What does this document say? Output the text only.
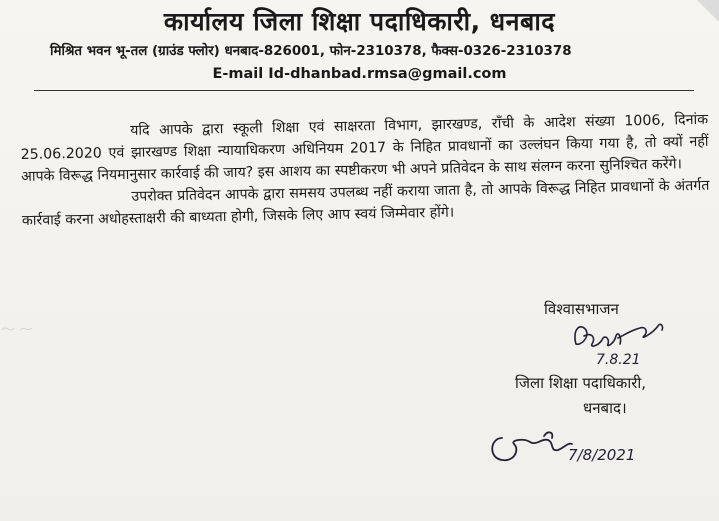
कार्यालय जिला शिक्षा पदाधिकारी, धनबाद
मिश्रित भवन भू-तल (ग्राउंड फ्लोर) धनबाद-826001, फोन-2310378, फैक्स-0326-2310378
E-mail Id-dhanbad.rmsa@gmail.com

यदि आपके द्वारा स्कूली शिक्षा एवं साक्षरता विभाग, झारखण्ड, राँची के आदेश संख्या 1006, दिनांक 25.06.2020 एवं झारखण्ड शिक्षा न्यायाधिकरण अधिनियम 2017 के निहित प्रावधानों का उल्लंघन किया गया है, तो क्यों नहीं आपके विरूद्ध नियमानुसार कार्रवाई की जाय? इस आशय का स्पष्टीकरण भी अपने प्रतिवेदन के साथ संलग्न करना सुनिश्चित करेंगे।

उपरोक्त प्रतिवेदन आपके द्वारा समसय उपलब्ध नहीं कराया जाता है, तो आपके विरूद्ध निहित प्रावधानों के अंतर्गत कार्रवाई करना अधोहस्ताक्षरी की बाध्यता होगी, जिसके लिए आप स्वयं जिम्मेवार होंगे।

विश्वासभाजन
7.8.21
जिला शिक्षा पदाधिकारी,
धनबाद।
7/8/2021
